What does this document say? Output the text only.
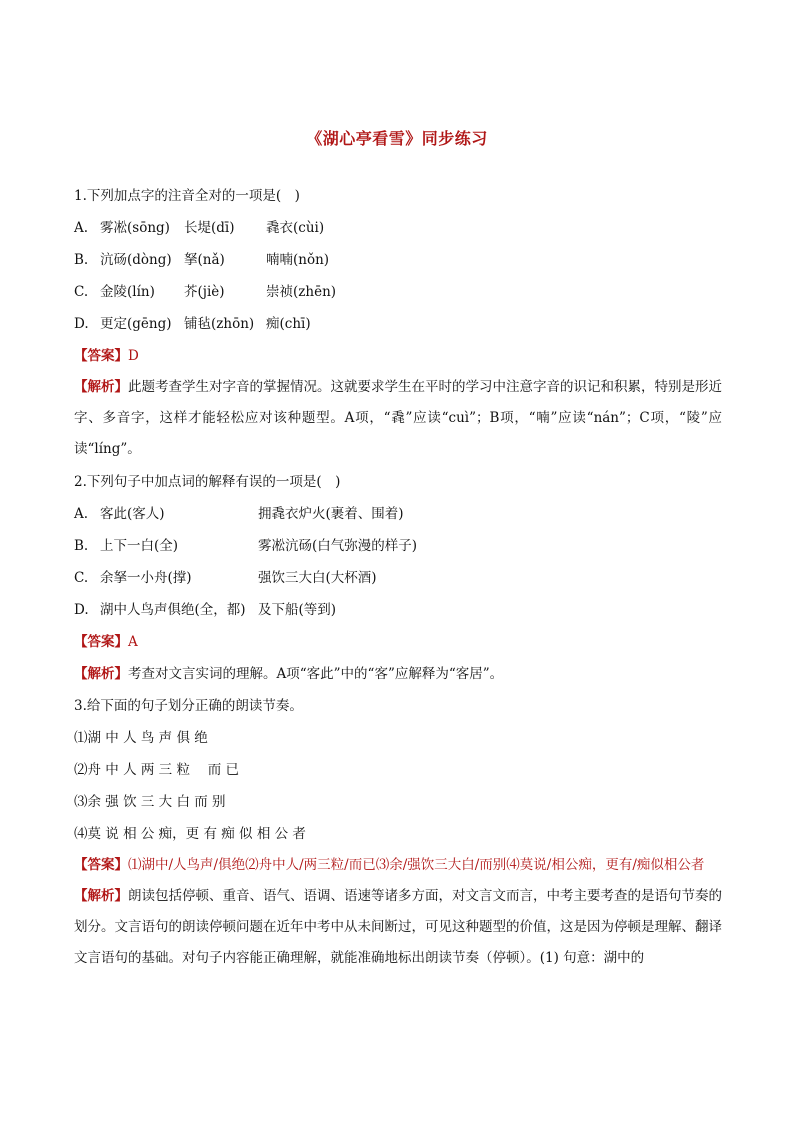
《湖心亭看雪》同步练习
1.下列加点字的注音全对的一项是(　)
A. 雾凇(sōng)	长堤(dī)	毳衣(cùi)
B. 沆砀(dòng) 拏(nǎ)	喃喃(nǒn)
C. 金陵(lín)	芥(jiè)	崇祯(zhēn)
D. 更定(gēng) 铺毡(zhōn) 痴(chī)
【答案】D
【解析】此题考查学生对字音的掌握情况。这就要求学生在平时的学习中注意字音的识记和积累，特别是形近字、多音字，这样才能轻松应对该种题型。A项，“毳”应读“cuì”；B项，“喃”应读“nán”；C项，“陵”应读“líng”。
2.下列句子中加点词的解释有误的一项是(　)
A. 客此(客人)	拥毳衣炉火(裹着、围着)
B. 上下一白(全)	雾凇沆砀(白气弥漫的样子)
C. 余拏一小舟(撑)	强饮三大白(大杯酒)
D. 湖中人鸟声俱绝(全，都) 及下船(等到)
【答案】A
【解析】考查对文言实词的理解。A项“客此”中的“客”应解释为“客居”。
3.给下面的句子划分正确的朗读节奏。
⑴湖 中 人 鸟 声 俱 绝
⑵舟 中 人 两 三 粒　 而 已
⑶余 强 饮 三 大 白 而 别
⑷莫 说 相 公 痴，更 有 痴 似 相 公 者
【答案】⑴湖中/人鸟声/俱绝⑵舟中人/两三粒/而已⑶余/强饮三大白/而别⑷莫说/相公痴，更有/痴似相公者
【解析】朗读包括停顿、重音、语气、语调、语速等诸多方面，对文言文而言，中考主要考查的是语句节奏的划分。文言语句的朗读停顿问题在近年中考中从未间断过，可见这种题型的价值，这是因为停顿是理解、翻译文言语句的基础。对句子内容能正确理解，就能准确地标出朗读节奏（停顿）。(1) 句意：湖中的
